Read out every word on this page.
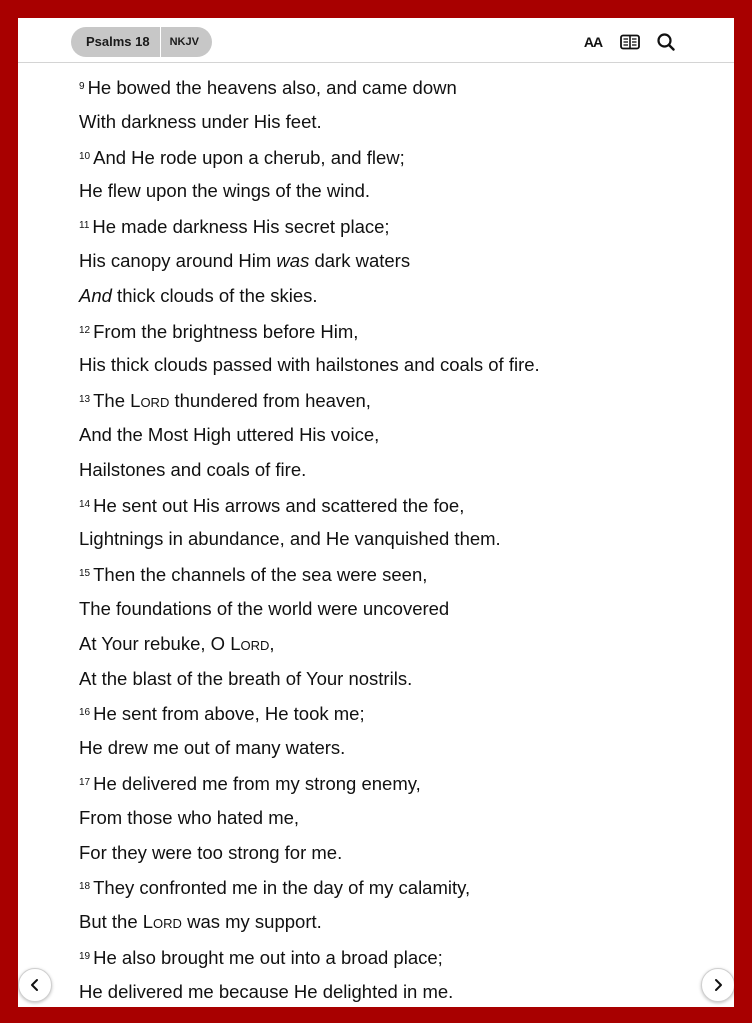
Psalms 18	NKJV	AA
$^9$ He bowed the heavens also, and came down
With darkness under His feet.
$^{10}$ And He rode upon a cherub, and flew;
He flew upon the wings of the wind.
$^{11}$ He made darkness His secret place;
His canopy around Him was dark waters
And thick clouds of the skies.
$^{12}$ From the brightness before Him,
His thick clouds passed with hailstones and coals of fire.
$^{13}$ The Lord thundered from heaven,
And the Most High uttered His voice,
Hailstones and coals of fire.
$^{14}$ He sent out His arrows and scattered the foe,
Lightnings in abundance, and He vanquished them.
$^{15}$ Then the channels of the sea were seen,
The foundations of the world were uncovered
At Your rebuke, O Lord,
At the blast of the breath of Your nostrils.
$^{16}$ He sent from above, He took me;
He drew me out of many waters.
$^{17}$ He delivered me from my strong enemy,
From those who hated me,
For they were too strong for me.
$^{18}$ They confronted me in the day of my calamity,
But the Lord was my support.
$^{19}$ He also brought me out into a broad place;
He delivered me because He delighted in me.
